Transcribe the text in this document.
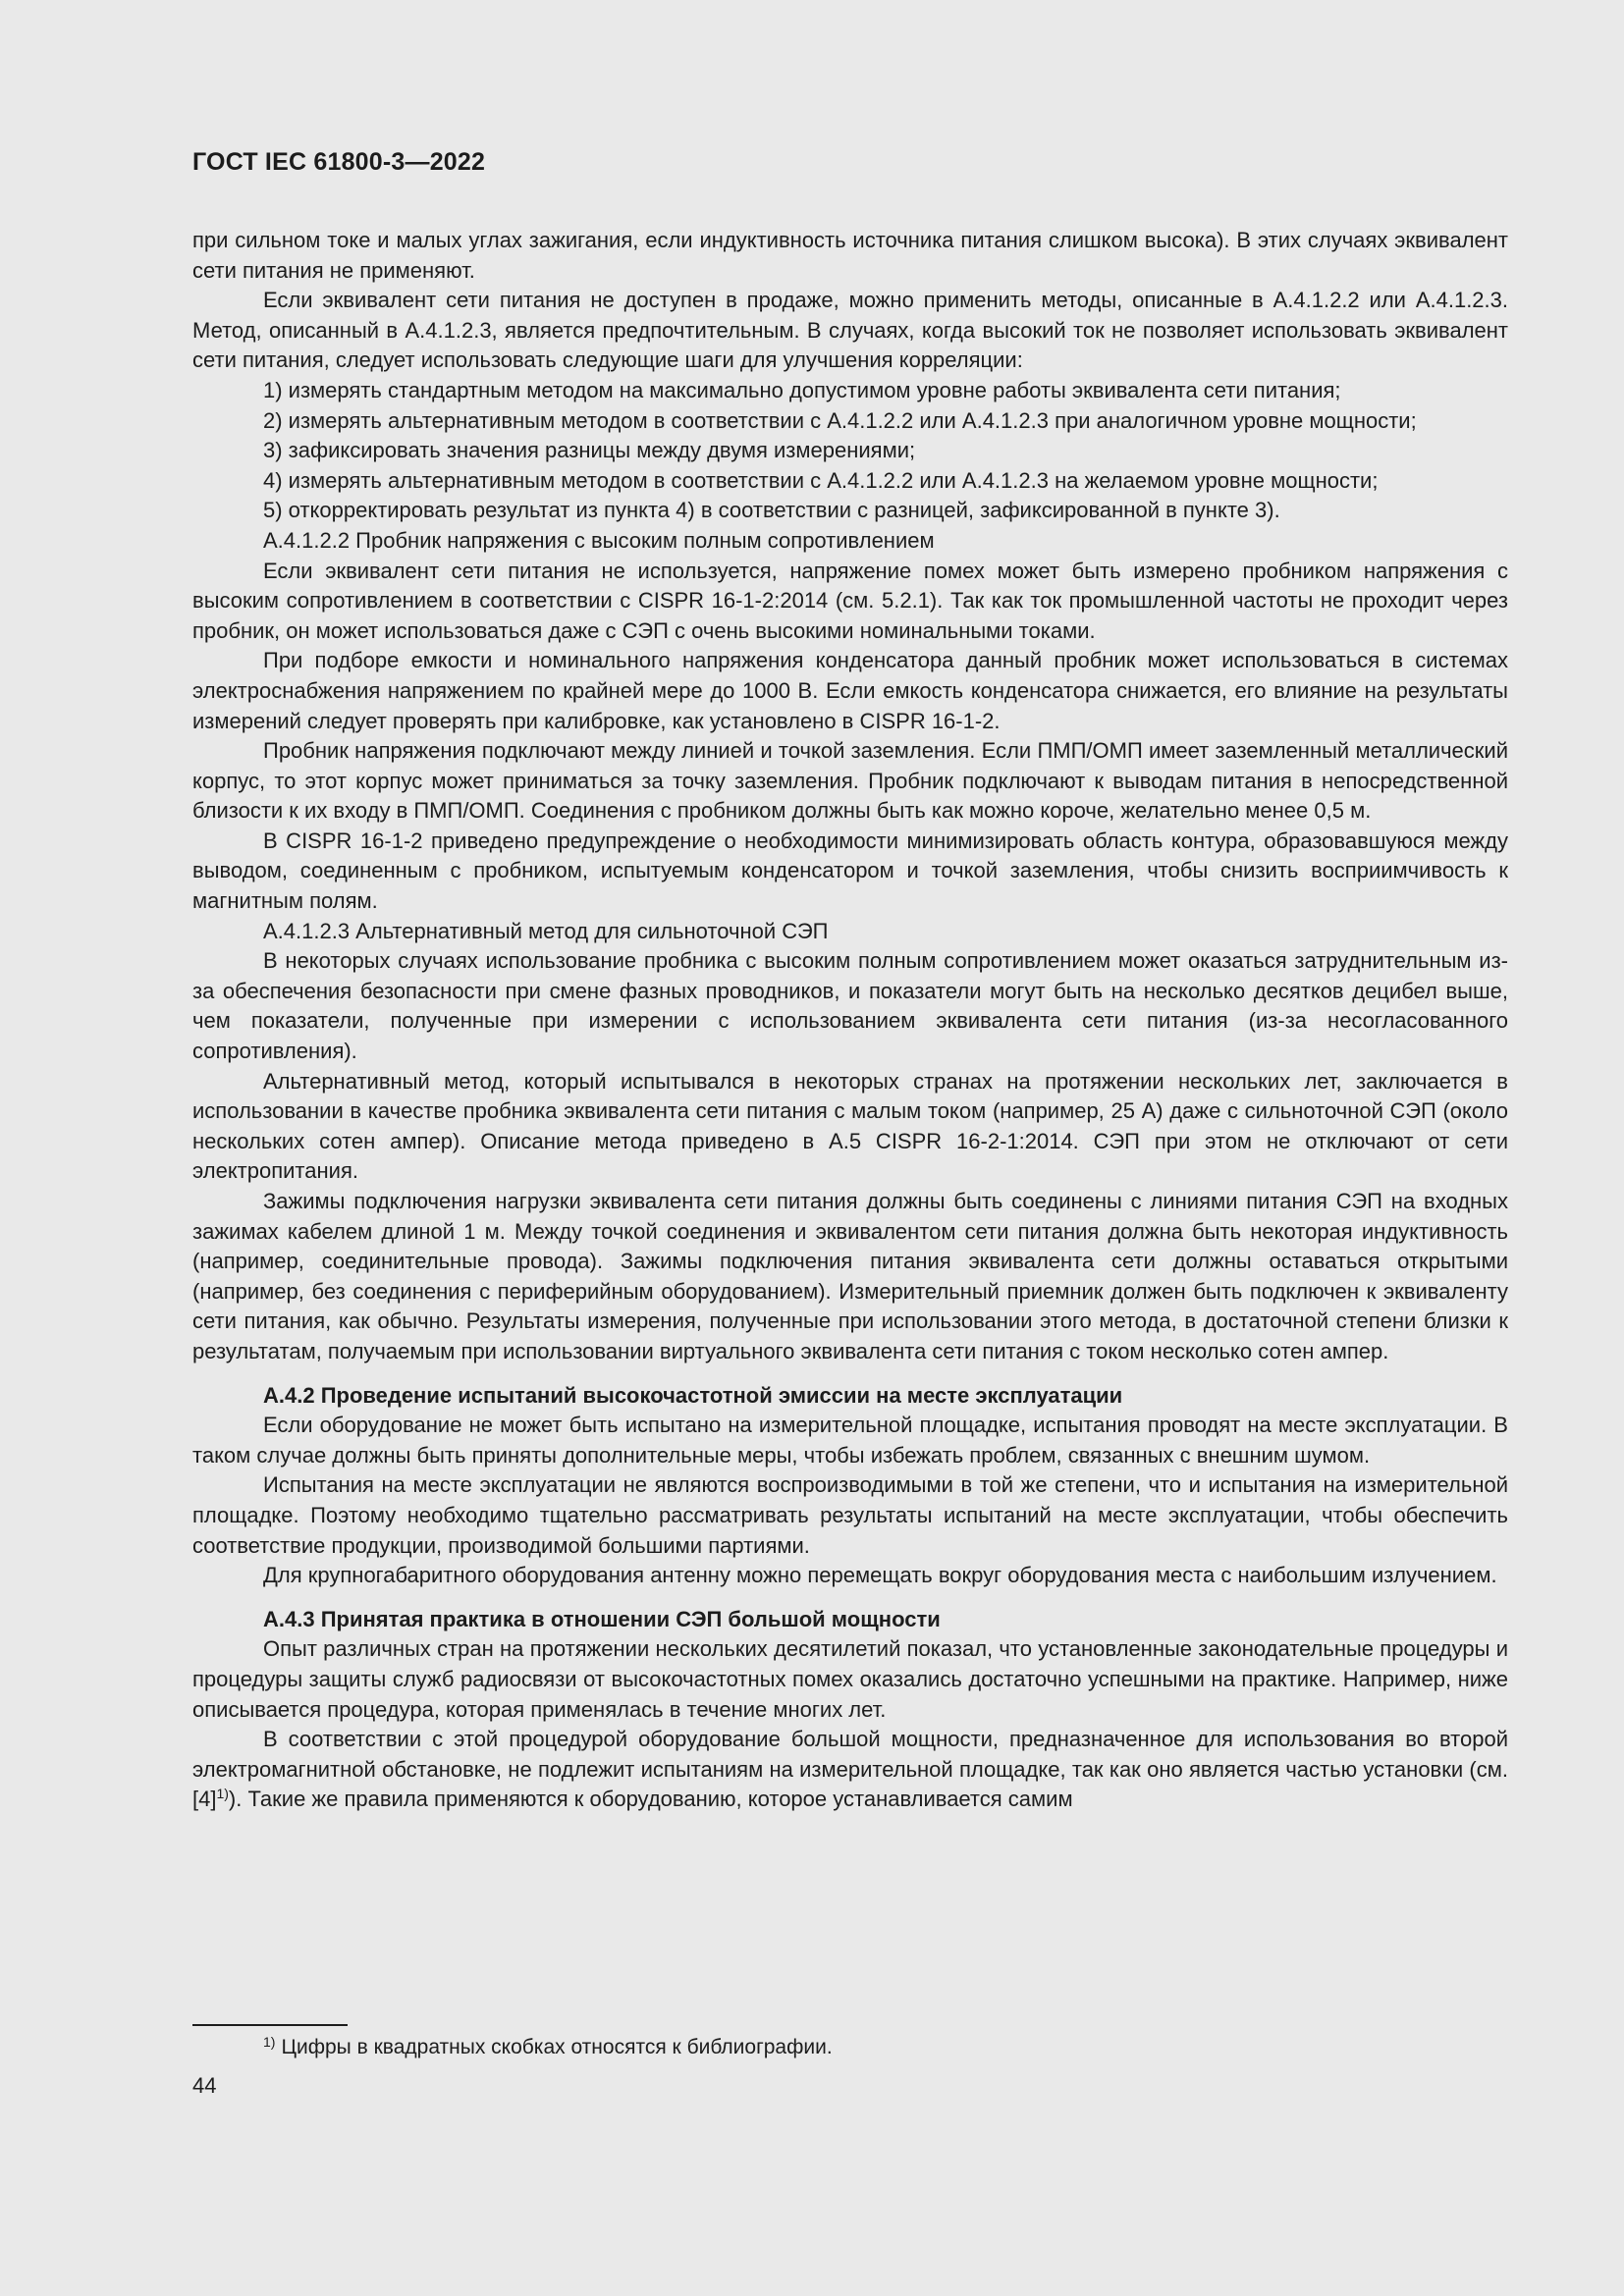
ГОСТ IEC 61800-3—2022

при сильном токе и малых углах зажигания, если индуктивность источника питания слишком высока). В этих случаях эквивалент сети питания не применяют.

Если эквивалент сети питания не доступен в продаже, можно применить методы, описанные в А.4.1.2.2 или А.4.1.2.3. Метод, описанный в А.4.1.2.3, является предпочтительным. В случаях, когда высокий ток не позволяет использовать эквивалент сети питания, следует использовать следующие шаги для улучшения корреляции:

1) измерять стандартным методом на максимально допустимом уровне работы эквивалента сети питания;

2) измерять альтернативным методом в соответствии с А.4.1.2.2 или А.4.1.2.3 при аналогичном уровне мощности;

3) зафиксировать значения разницы между двумя измерениями;

4) измерять альтернативным методом в соответствии с А.4.1.2.2 или А.4.1.2.3 на желаемом уровне мощности;

5) откорректировать результат из пункта 4) в соответствии с разницей, зафиксированной в пункте 3).

А.4.1.2.2 Пробник напряжения с высоким полным сопротивлением

Если эквивалент сети питания не используется, напряжение помех может быть измерено пробником напряжения с высоким сопротивлением в соответствии с CISPR 16-1-2:2014 (см. 5.2.1). Так как ток промышленной частоты не проходит через пробник, он может использоваться даже с СЭП с очень высокими номинальными токами.

При подборе емкости и номинального напряжения конденсатора данный пробник может использоваться в системах электроснабжения напряжением по крайней мере до 1000 В. Если емкость конденсатора снижается, его влияние на результаты измерений следует проверять при калибровке, как установлено в CISPR 16-1-2.

Пробник напряжения подключают между линией и точкой заземления. Если ПМП/ОМП имеет заземленный металлический корпус, то этот корпус может приниматься за точку заземления. Пробник подключают к выводам питания в непосредственной близости к их входу в ПМП/ОМП. Соединения с пробником должны быть как можно короче, желательно менее 0,5 м.

В CISPR 16-1-2 приведено предупреждение о необходимости минимизировать область контура, образовавшуюся между выводом, соединенным с пробником, испытуемым конденсатором и точкой заземления, чтобы снизить восприимчивость к магнитным полям.

А.4.1.2.3 Альтернативный метод для сильноточной СЭП

В некоторых случаях использование пробника с высоким полным сопротивлением может оказаться затруднительным из-за обеспечения безопасности при смене фазных проводников, и показатели могут быть на несколько десятков децибел выше, чем показатели, полученные при измерении с использованием эквивалента сети питания (из-за несогласованного сопротивления).

Альтернативный метод, который испытывался в некоторых странах на протяжении нескольких лет, заключается в использовании в качестве пробника эквивалента сети питания с малым током (например, 25 А) даже с сильноточной СЭП (около нескольких сотен ампер). Описание метода приведено в А.5 CISPR 16-2-1:2014. СЭП при этом не отключают от сети электропитания.

Зажимы подключения нагрузки эквивалента сети питания должны быть соединены с линиями питания СЭП на входных зажимах кабелем длиной 1 м. Между точкой соединения и эквивалентом сети питания должна быть некоторая индуктивность (например, соединительные провода). Зажимы подключения питания эквивалента сети должны оставаться открытыми (например, без соединения с периферийным оборудованием). Измерительный приемник должен быть подключен к эквиваленту сети питания, как обычно. Результаты измерения, полученные при использовании этого метода, в достаточной степени близки к результатам, получаемым при использовании виртуального эквивалента сети питания с током несколько сотен ампер.

А.4.2 Проведение испытаний высокочастотной эмиссии на месте эксплуатации

Если оборудование не может быть испытано на измерительной площадке, испытания проводят на месте эксплуатации. В таком случае должны быть приняты дополнительные меры, чтобы избежать проблем, связанных с внешним шумом.

Испытания на месте эксплуатации не являются воспроизводимыми в той же степени, что и испытания на измерительной площадке. Поэтому необходимо тщательно рассматривать результаты испытаний на месте эксплуатации, чтобы обеспечить соответствие продукции, производимой большими партиями.

Для крупногабаритного оборудования антенну можно перемещать вокруг оборудования места с наибольшим излучением.

А.4.3 Принятая практика в отношении СЭП большой мощности

Опыт различных стран на протяжении нескольких десятилетий показал, что установленные законодательные процедуры и процедуры защиты служб радиосвязи от высокочастотных помех оказались достаточно успешными на практике. Например, ниже описывается процедура, которая применялась в течение многих лет.

В соответствии с этой процедурой оборудование большой мощности, предназначенное для использования во второй электромагнитной обстановке, не подлежит испытаниям на измерительной площадке, так как оно является частью установки (см. $[4]^{1)}$). Такие же правила применяются к оборудованию, которое устанавливается самим

$^{1)}$ Цифры в квадратных скобках относятся к библиографии.
44
